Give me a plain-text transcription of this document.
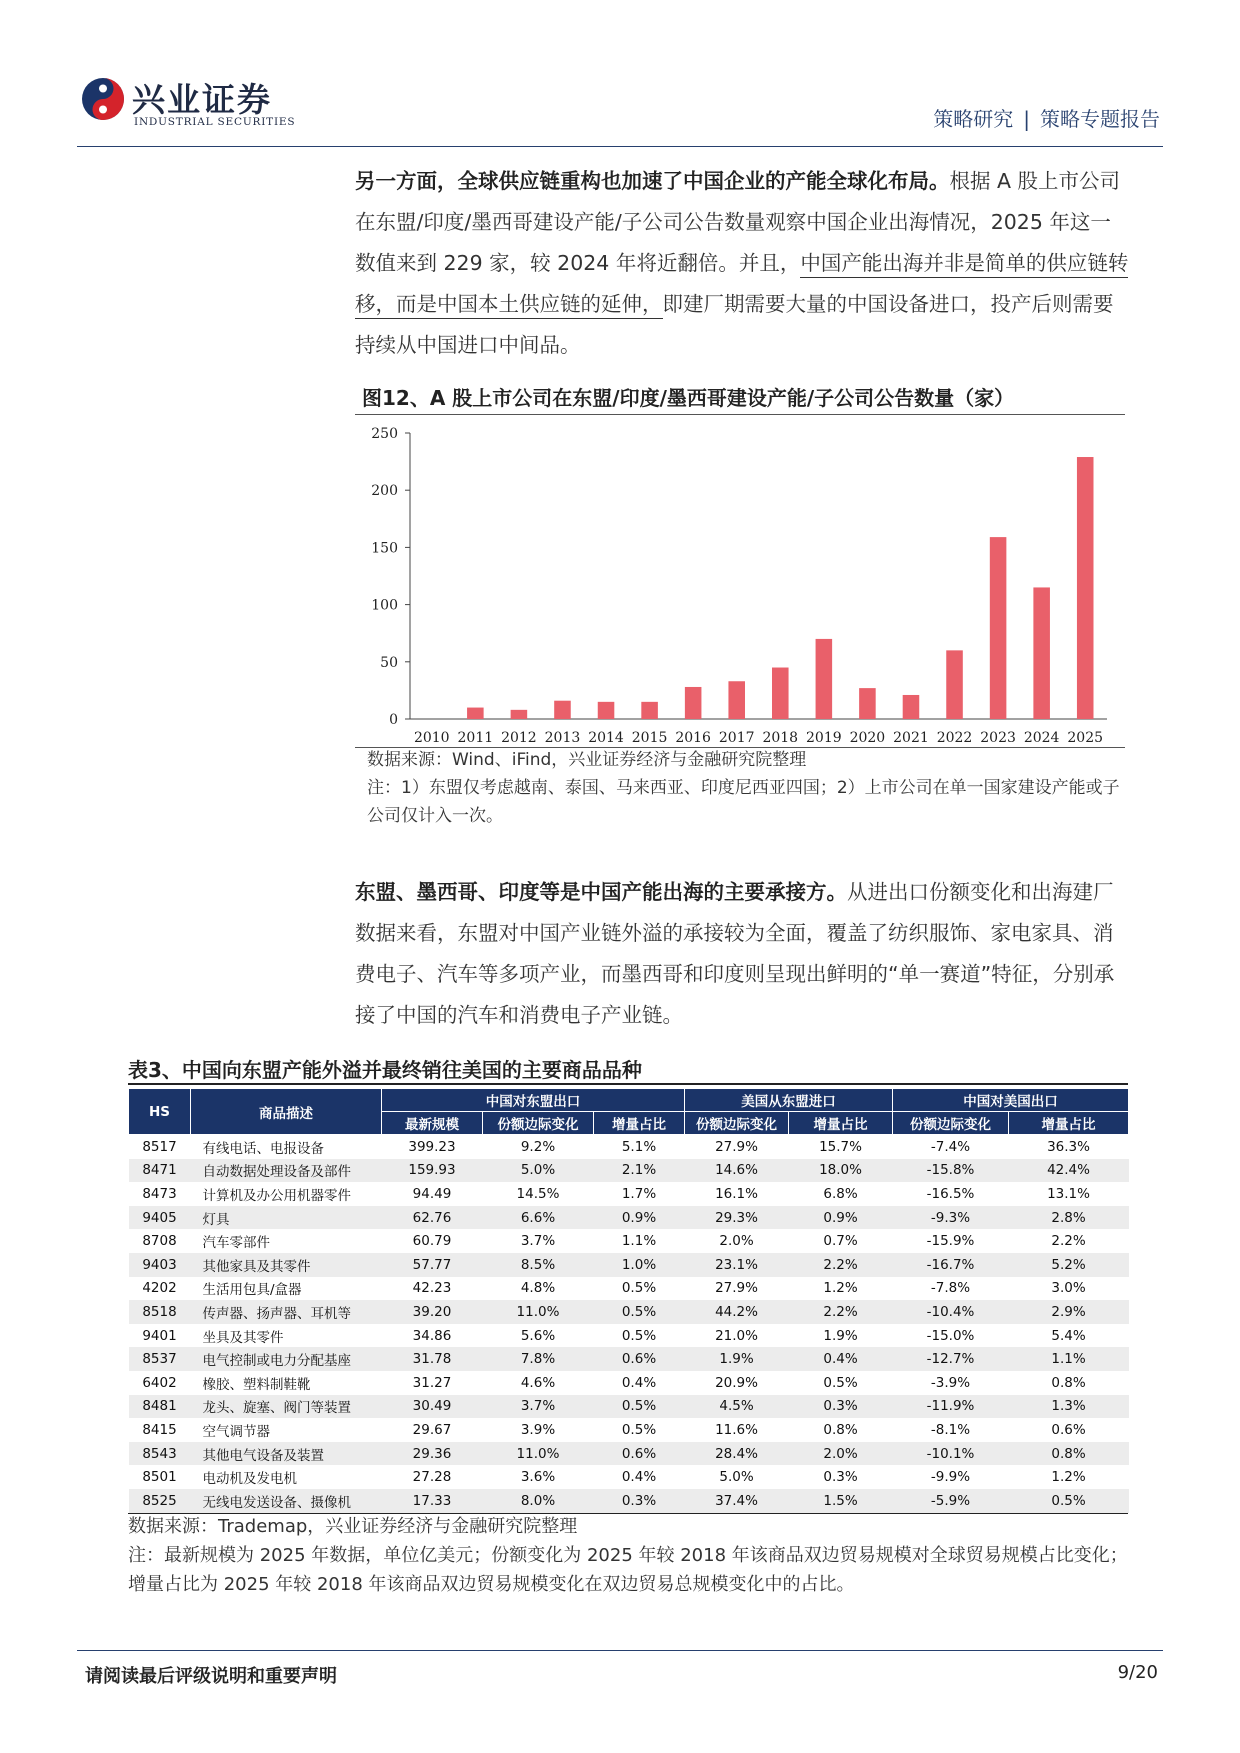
兴业证券
INDUSTRIAL SECURITIES	策略研究 | 策略专题报告
另一方面，全球供应链重构也加速了中国企业的产能全球化布局。根据 A 股上市公司在东盟/印度/墨西哥建设产能/子公司公告数量观察中国企业出海情况，2025 年这一数值来到 229 家，较 2024 年将近翻倍。并且，中国产能出海并非是简单的供应链转移，而是中国本土供应链的延伸，即建厂期需要大量的中国设备进口，投产后则需要持续从中国进口中间品。
图12、A 股上市公司在东盟/印度/墨西哥建设产能/子公司公告数量（家）
0
50
100
150
200
250
2010 2011 2012 2013 2014 2015 2016 2017 2018 2019 2020 2021 2022 2023 2024 2025
数据来源：Wind、iFind，兴业证券经济与金融研究院整理
注：1）东盟仅考虑越南、泰国、马来西亚、印度尼西亚四国；2）上市公司在单一国家建设产能或子公司仅计入一次。
东盟、墨西哥、印度等是中国产能出海的主要承接方。从进出口份额变化和出海建厂数据来看，东盟对中国产业链外溢的承接较为全面，覆盖了纺织服饰、家电家具、消费电子、汽车等多项产业，而墨西哥和印度则呈现出鲜明的“单一赛道”特征，分别承接了中国的汽车和消费电子产业链。
表3、中国向东盟产能外溢并最终销往美国的主要商品品种
HS	商品描述	中国对东盟出口			美国从东盟进口		中国对美国出口	
		最新规模	份额边际变化	增量占比	份额边际变化	增量占比	份额边际变化	增量占比
8517	有线电话、电报设备	399.23	9.2%	5.1%	27.9%	15.7%	-7.4%	36.3%
8471	自动数据处理设备及部件	159.93	5.0%	2.1%	14.6%	18.0%	-15.8%	42.4%
8473	计算机及办公用机器零件	94.49	14.5%	1.7%	16.1%	6.8%	-16.5%	13.1%
9405	灯具	62.76	6.6%	0.9%	29.3%	0.9%	-9.3%	2.8%
8708	汽车零部件	60.79	3.7%	1.1%	2.0%	0.7%	-15.9%	2.2%
9403	其他家具及其零件	57.77	8.5%	1.0%	23.1%	2.2%	-16.7%	5.2%
4202	生活用包具/盒器	42.23	4.8%	0.5%	27.9%	1.2%	-7.8%	3.0%
8518	传声器、扬声器、耳机等	39.20	11.0%	0.5%	44.2%	2.2%	-10.4%	2.9%
9401	坐具及其零件	34.86	5.6%	0.5%	21.0%	1.9%	-15.0%	5.4%
8537	电气控制或电力分配基座	31.78	7.8%	0.6%	1.9%	0.4%	-12.7%	1.1%
6402	橡胶、塑料制鞋靴	31.27	4.6%	0.4%	20.9%	0.5%	-3.9%	0.8%
8481	龙头、旋塞、阀门等装置	30.49	3.7%	0.5%	4.5%	0.3%	-11.9%	1.3%
8415	空气调节器	29.67	3.9%	0.5%	11.6%	0.8%	-8.1%	0.6%
8543	其他电气设备及装置	29.36	11.0%	0.6%	28.4%	2.0%	-10.1%	0.8%
8501	电动机及发电机	27.28	3.6%	0.4%	5.0%	0.3%	-9.9%	1.2%
8525	无线电发送设备、摄像机	17.33	8.0%	0.3%	37.4%	1.5%	-5.9%	0.5%
数据来源：Trademap，兴业证券经济与金融研究院整理
注：最新规模为 2025 年数据，单位亿美元；份额变化为 2025 年较 2018 年该商品双边贸易规模对全球贸易规模占比变化；增量占比为 2025 年较 2018 年该商品双边贸易规模变化在双边贸易总规模变化中的占比。
请阅读最后评级说明和重要声明	9/20
